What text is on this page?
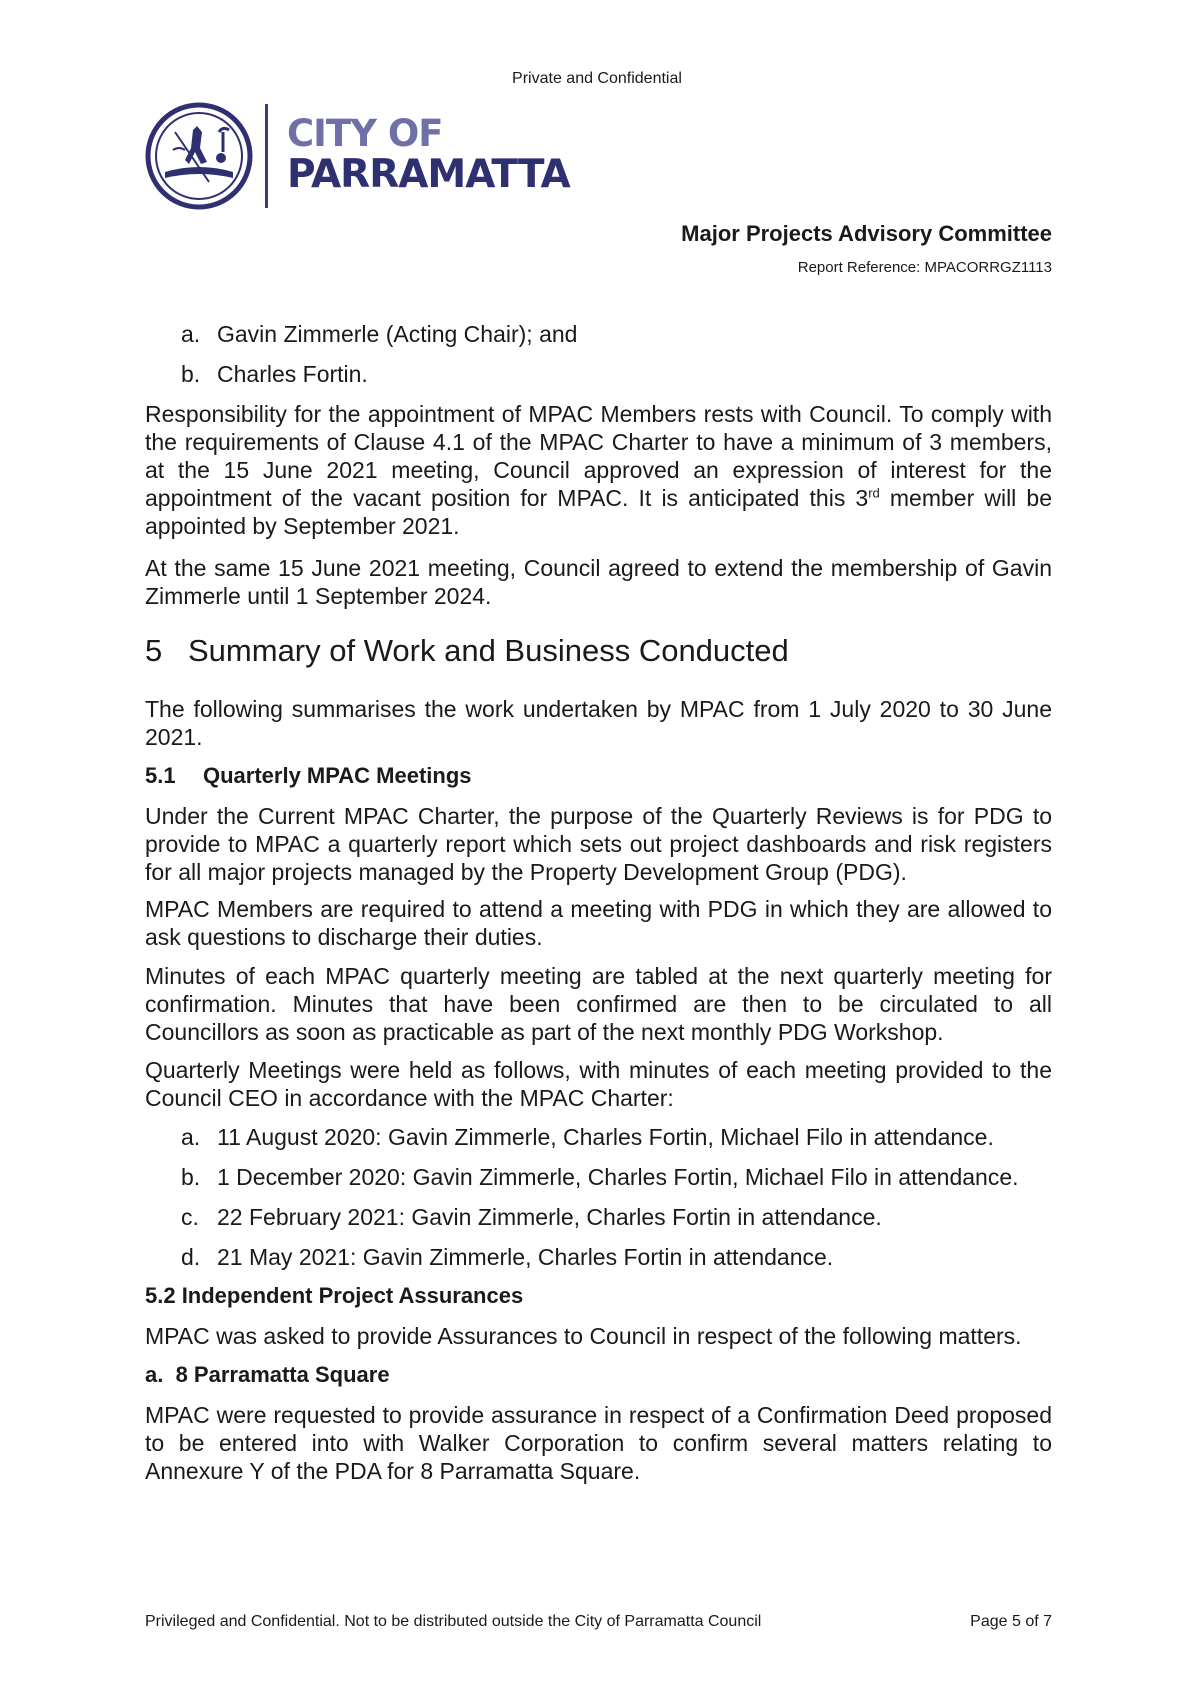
Private and Confidential
CITY OF
PARRAMATTA
Major Projects Advisory Committee
Report Reference: MPACORRGZ1113
a. Gavin Zimmerle (Acting Chair); and
b. Charles Fortin.

Responsibility for the appointment of MPAC Members rests with Council. To comply with the requirements of Clause 4.1 of the MPAC Charter to have a minimum of 3 members, at the 15 June 2021 meeting, Council approved an expression of interest for the appointment of the vacant position for MPAC. It is anticipated this 3rd member will be appointed by September 2021.

At the same 15 June 2021 meeting, Council agreed to extend the membership of Gavin Zimmerle until 1 September 2024.

5 Summary of Work and Business Conducted

The following summarises the work undertaken by MPAC from 1 July 2020 to 30 June 2021.

5.1 Quarterly MPAC Meetings

Under the Current MPAC Charter, the purpose of the Quarterly Reviews is for PDG to provide to MPAC a quarterly report which sets out project dashboards and risk registers for all major projects managed by the Property Development Group (PDG).

MPAC Members are required to attend a meeting with PDG in which they are allowed to ask questions to discharge their duties.

Minutes of each MPAC quarterly meeting are tabled at the next quarterly meeting for confirmation. Minutes that have been confirmed are then to be circulated to all Councillors as soon as practicable as part of the next monthly PDG Workshop.

Quarterly Meetings were held as follows, with minutes of each meeting provided to the Council CEO in accordance with the MPAC Charter:

a. 11 August 2020: Gavin Zimmerle, Charles Fortin, Michael Filo in attendance.
b. 1 December 2020: Gavin Zimmerle, Charles Fortin, Michael Filo in attendance.
c. 22 February 2021: Gavin Zimmerle, Charles Fortin in attendance.
d. 21 May 2021: Gavin Zimmerle, Charles Fortin in attendance.
5.2 Independent Project Assurances

MPAC was asked to provide Assurances to Council in respect of the following matters.

a.  8 Parramatta Square

MPAC were requested to provide assurance in respect of a Confirmation Deed proposed to be entered into with Walker Corporation to confirm several matters relating to Annexure Y of the PDA for 8 Parramatta Square.

Privileged and Confidential. Not to be distributed outside the City of Parramatta Council	Page 5 of 7
